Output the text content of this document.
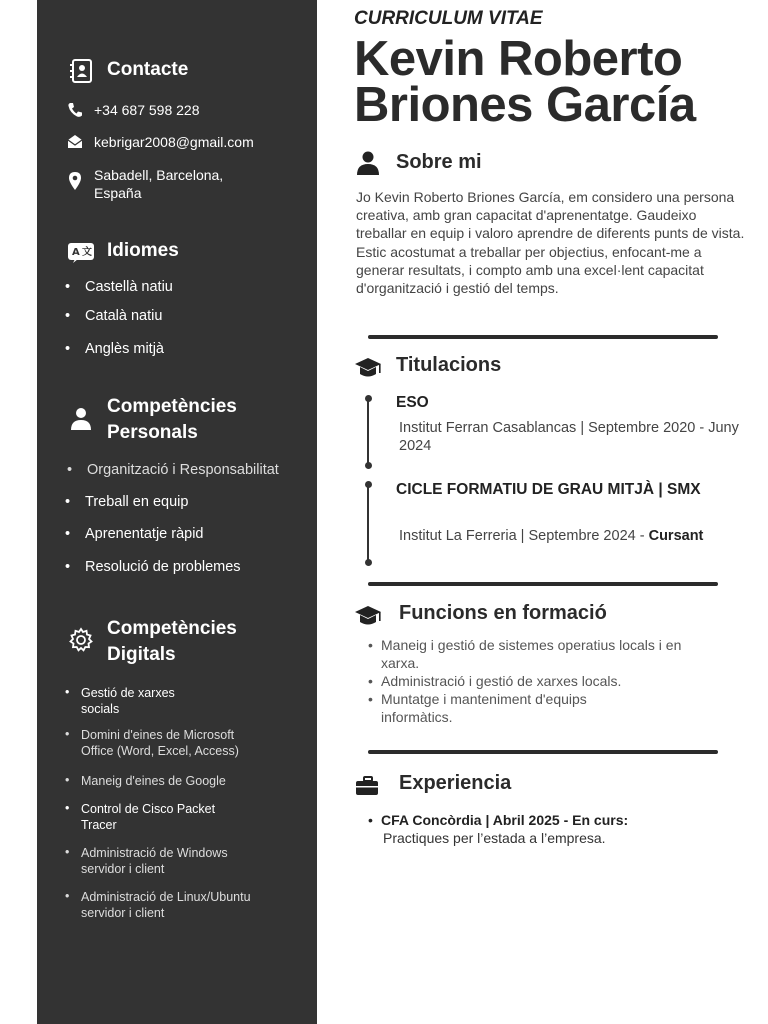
Contacte
+34 687 598 228
kebrigar2008@gmail.com
Sabadell, Barcelona, España
A 文 Idiomes
• Castellà natiu
• Català natiu
• Anglès mitjà
Competències Personals
• Organització i Responsabilitat
• Treball en equip
• Aprenentatje ràpid
• Resolució de problemes
Competències Digitals
• Gestió de xarxes socials
• Domini d'eines de Microsoft Office (Word, Excel, Access)
• Maneig d'eines de Google
• Control de Cisco Packet Tracer
• Administració de Windows servidor i client
• Administració de Linux/Ubuntu servidor i client
CURRICULUM VITAE
Kevin Roberto
Briones García
Sobre mi
Jo Kevin Roberto Briones García, em considero una persona creativa, amb gran capacitat d'aprenentatge. Gaudeixo treballar en equip i valoro aprendre de diferents punts de vista. Estic acostumat a treballar per objectius, enfocant-me a generar resultats, i compto amb una excel·lent capacitat d'organització i gestió del temps.
Titulacions
ESO
Institut Ferran Casablancas | Septembre 2020 - Juny 2024
CICLE FORMATIU DE GRAU MITJÀ | SMX
Institut La Ferreria | Septembre 2024 - Cursant
Funcions en formació
• Maneig i gestió de sistemes operatius locals i en xarxa.
• Administració i gestió de xarxes locals.
• Muntatge i manteniment d'equips informàtics.
Experiencia
• CFA Concòrdia | Abril 2025 - En curs:
Practiques per l’estada a l’empresa.
